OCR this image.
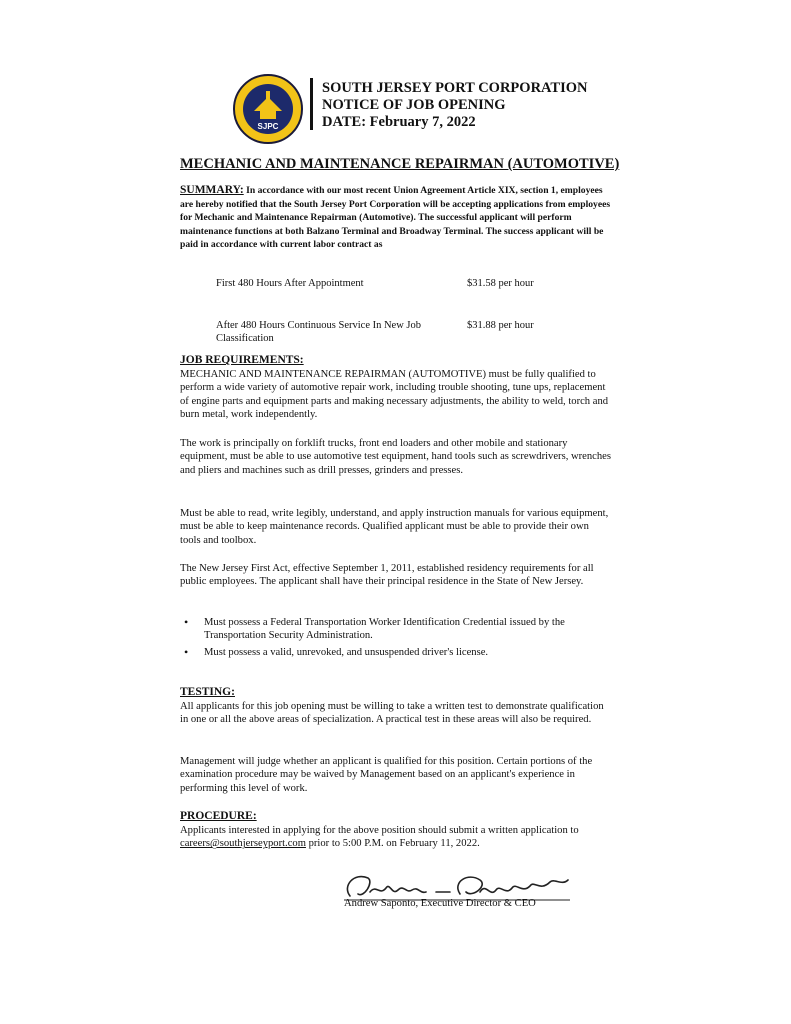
SJPC
SOUTH JERSEY PORT CORPORATION
NOTICE OF JOB OPENING
DATE: February 7, 2022
MECHANIC AND MAINTENANCE REPAIRMAN (AUTOMOTIVE)
SUMMARY: In accordance with our most recent Union Agreement Article XIX, section 1, employees are hereby notified that the South Jersey Port Corporation will be accepting applications from employees for Mechanic and Maintenance Repairman (Automotive). The successful applicant will perform maintenance functions at both Balzano Terminal and Broadway Terminal. The success applicant will be paid in accordance with current labor contract as
First 480 Hours After Appointment	$31.58 per hour
After 480 Hours Continuous Service In New Job Classification
$31.88 per hour
JOB REQUIREMENTS:
MECHANIC AND MAINTENANCE REPAIRMAN (AUTOMOTIVE) must be fully qualified to perform a wide variety of automotive repair work, including trouble shooting, tune ups, replacement of engine parts and equipment parts and making necessary adjustments, the ability to weld, torch and burn metal, work independently.
The work is principally on forklift trucks, front end loaders and other mobile and stationary equipment, must be able to use automotive test equipment, hand tools such as screwdrivers, wrenches and pliers and machines such as drill presses, grinders and presses.
Must be able to read, write legibly, understand, and apply instruction manuals for various equipment, must be able to keep maintenance records. Qualified applicant must be able to provide their own tools and toolbox.
The New Jersey First Act, effective September 1, 2011, established residency requirements for all public employees. The applicant shall have their principal residence in the State of New Jersey.
• Must possess a Federal Transportation Worker Identification Credential issued by the Transportation Security Administration.
• Must possess a valid, unrevoked, and unsuspended driver's license.
TESTING:
All applicants for this job opening must be willing to take a written test to demonstrate qualification in one or all the above areas of specialization. A practical test in these areas will also be required.
Management will judge whether an applicant is qualified for this position. Certain portions of the examination procedure may be waived by Management based on an applicant's experience in performing this level of work.
PROCEDURE:
Applicants interested in applying for the above position should submit a written application to careers@southjerseyport.com prior to 5:00 P.M. on February 11, 2022.
Andrew Saponto, Executive Director & CEO
